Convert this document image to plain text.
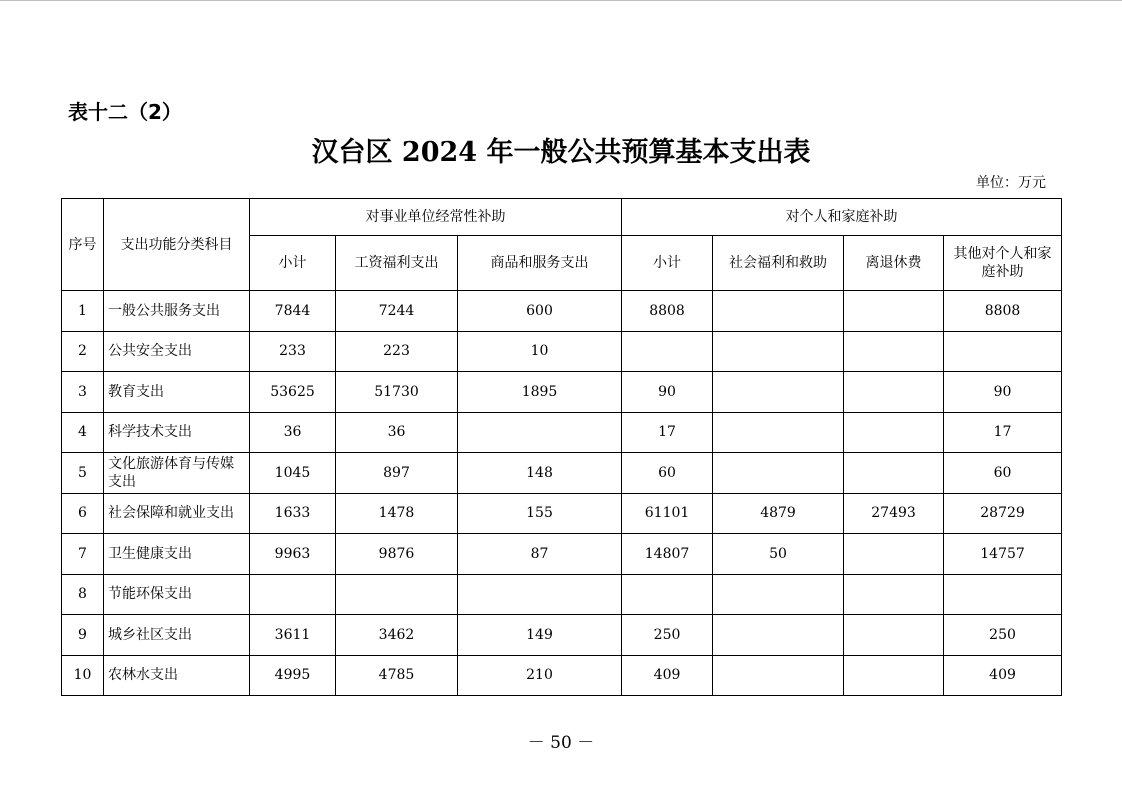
表十二（2）
汉台区 2024 年一般公共预算基本支出表
单位：万元
序号	支出功能分类科目	对事业单位经常性补助			对个人和家庭补助			
		小计	工资福利支出	商品和服务支出	小计	社会福利和救助	离退休费	其他对个人和家庭补助
1	一般公共服务支出	7844	7244	600	8808			8808
2	公共安全支出	233	223	10				
3	教育支出	53625	51730	1895	90			90
4	科学技术支出	36	36		17			17
5	文化旅游体育与传媒支出	1045	897	148	60			60
6	社会保障和就业支出	1633	1478	155	61101	4879	27493	28729
7	卫生健康支出	9963	9876	87	14807	50		14757
8	节能环保支出							
9	城乡社区支出	3611	3462	149	250			250
10	农林水支出	4995	4785	210	409			409
－ 50 －
